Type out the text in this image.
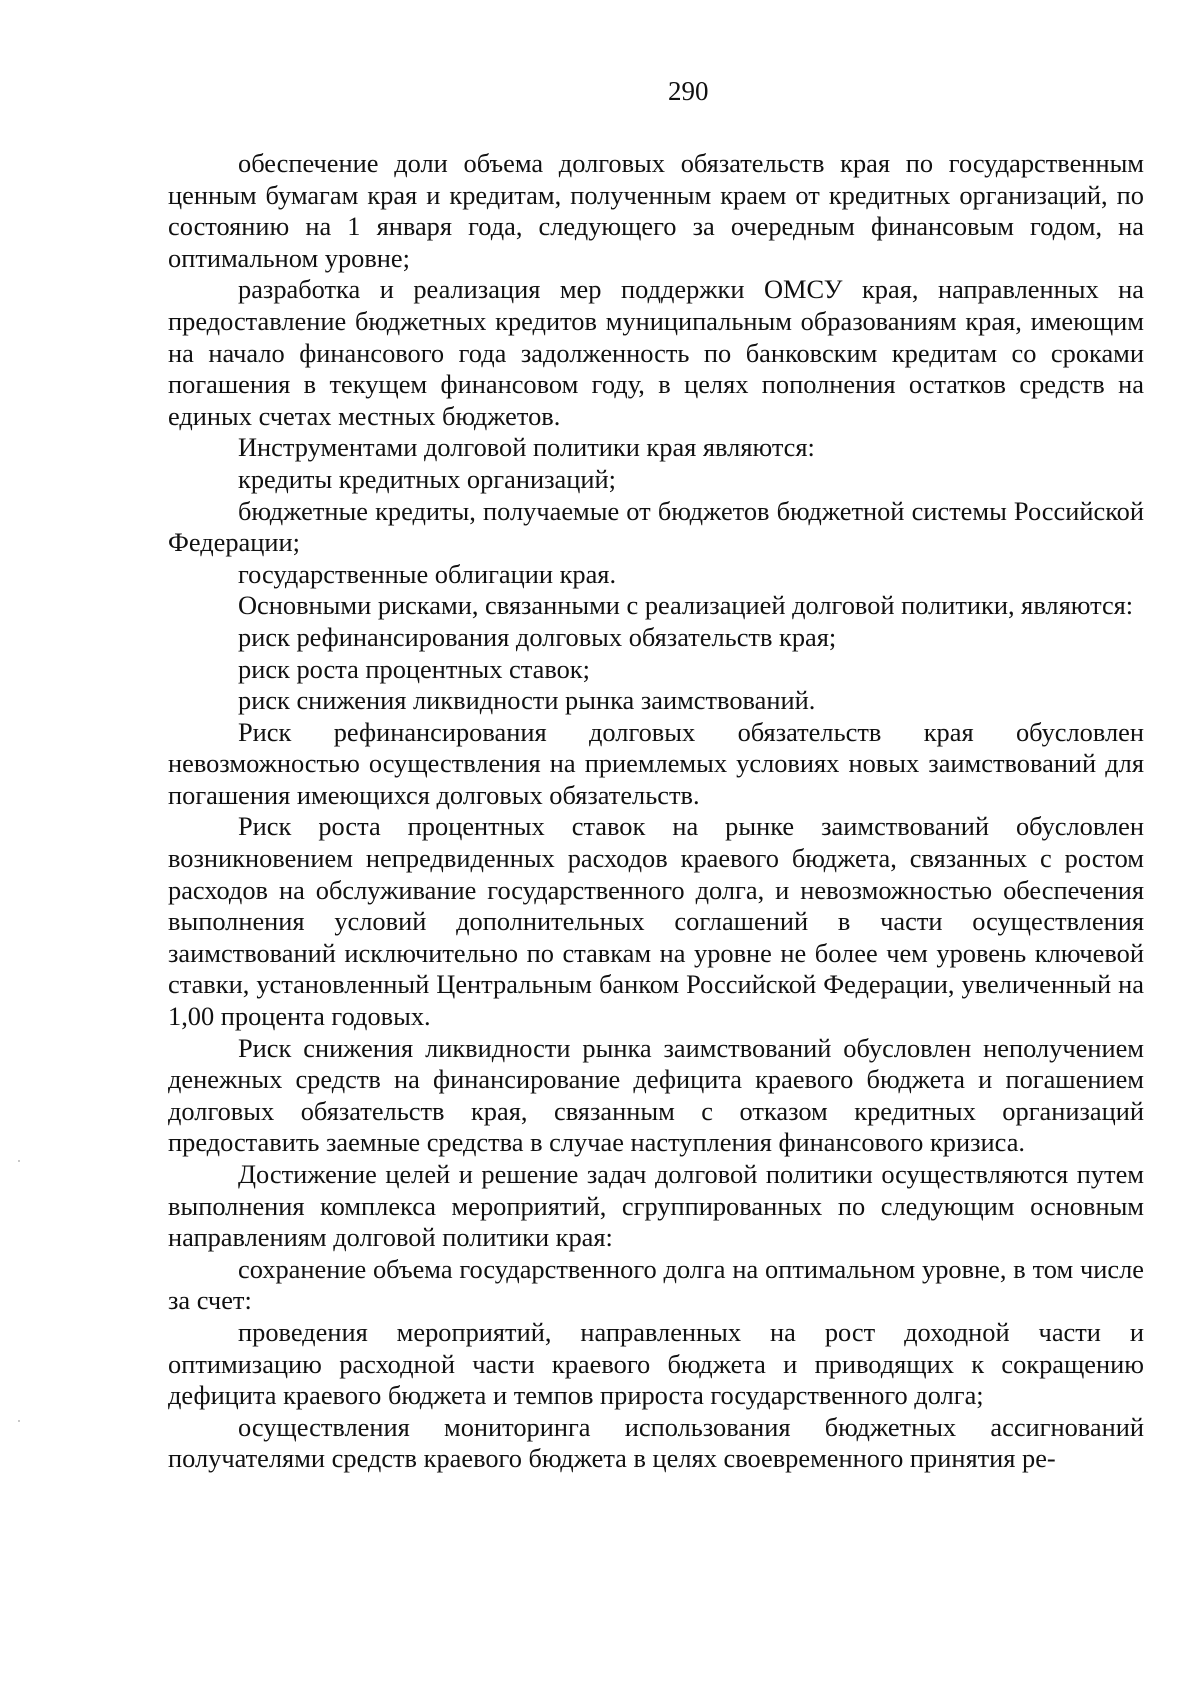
290

обеспечение доли объема долговых обязательств края по государственным ценным бумагам края и кредитам, полученным краем от кредитных организаций, по состоянию на 1 января года, следующего за очередным финансовым годом, на оптимальном уровне;

разработка и реализация мер поддержки ОМСУ края, направленных на предоставление бюджетных кредитов муниципальным образованиям края, имеющим на начало финансового года задолженность по банковским кредитам со сроками погашения в текущем финансовом году, в целях пополнения остатков средств на единых счетах местных бюджетов.

Инструментами долговой политики края являются:

кредиты кредитных организаций;

бюджетные кредиты, получаемые от бюджетов бюджетной системы Российской Федерации;

государственные облигации края.

Основными рисками, связанными с реализацией долговой политики, являются:

риск рефинансирования долговых обязательств края;

риск роста процентных ставок;

риск снижения ликвидности рынка заимствований.

Риск рефинансирования долговых обязательств края обусловлен невозможностью осуществления на приемлемых условиях новых заимствований для погашения имеющихся долговых обязательств.

Риск роста процентных ставок на рынке заимствований обусловлен возникновением непредвиденных расходов краевого бюджета, связанных с ростом расходов на обслуживание государственного долга, и невозможностью обеспечения выполнения условий дополнительных соглашений в части осуществления заимствований исключительно по ставкам на уровне не более чем уровень ключевой ставки, установленный Центральным банком Российской Федерации, увеличенный на 1,00 процента годовых.

Риск снижения ликвидности рынка заимствований обусловлен неполучением денежных средств на финансирование дефицита краевого бюджета и погашением долговых обязательств края, связанным с отказом кредитных организаций предоставить заемные средства в случае наступления финансового кризиса.

Достижение целей и решение задач долговой политики осуществляются путем выполнения комплекса мероприятий, сгруппированных по следующим основным направлениям долговой политики края:

сохранение объема государственного долга на оптимальном уровне, в том числе за счет:

проведения мероприятий, направленных на рост доходной части и оптимизацию расходной части краевого бюджета и приводящих к сокращению дефицита краевого бюджета и темпов прироста государственного долга;

осуществления мониторинга использования бюджетных ассигнований получателями средств краевого бюджета в целях своевременного принятия ре-
